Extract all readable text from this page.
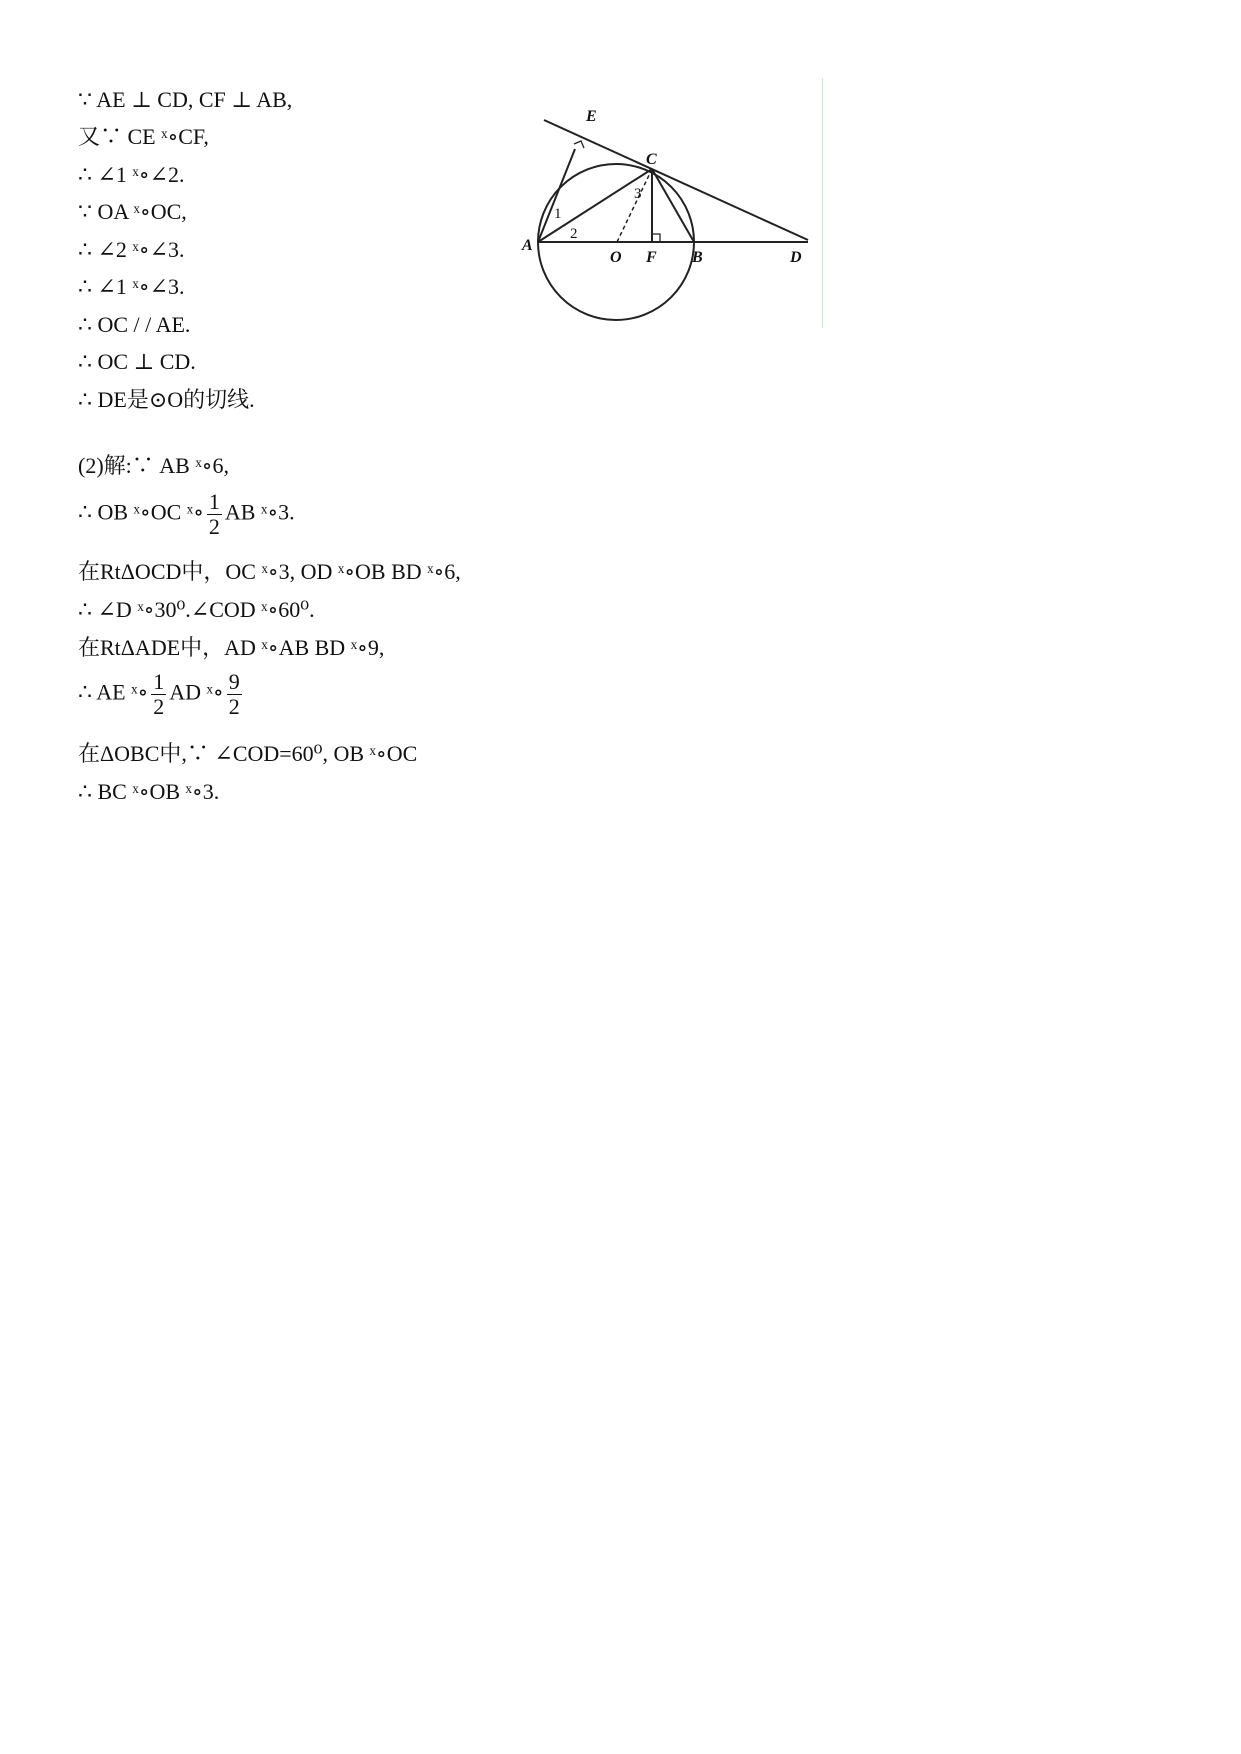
∵ AE ⊥ CD, CF ⊥ AB,
又∵ CE ˣ∘CF,
∴ ∠1 ˣ∘∠2.
∵ OA ˣ∘OC,
∴ ∠2 ˣ∘∠3.
∴ ∠1 ˣ∘∠3.
∴ OC / / AE.
∴ OC ⊥ CD.
∴ DE是⊙O的切线.
(2)解:∵ AB ˣ∘6,
∴ OB ˣ∘OC ˣ∘ $\frac{1}{2}$ AB ˣ∘3.
在RtΔOCD中，OC ˣ∘3, OD ˣ∘OB BD ˣ∘6,
∴ ∠D ˣ∘30⁰.∠COD ˣ∘60⁰.
在RtΔADE中，AD ˣ∘AB BD ˣ∘9,
∴ AE ˣ∘ $\frac{1}{2}$ AD ˣ∘ $\frac{9}{2}$
在ΔOBC中,∵ ∠COD=60⁰, OB ˣ∘OC
∴ BC ˣ∘OB ˣ∘3.
E
C
A
O F B	D
1
2
3
